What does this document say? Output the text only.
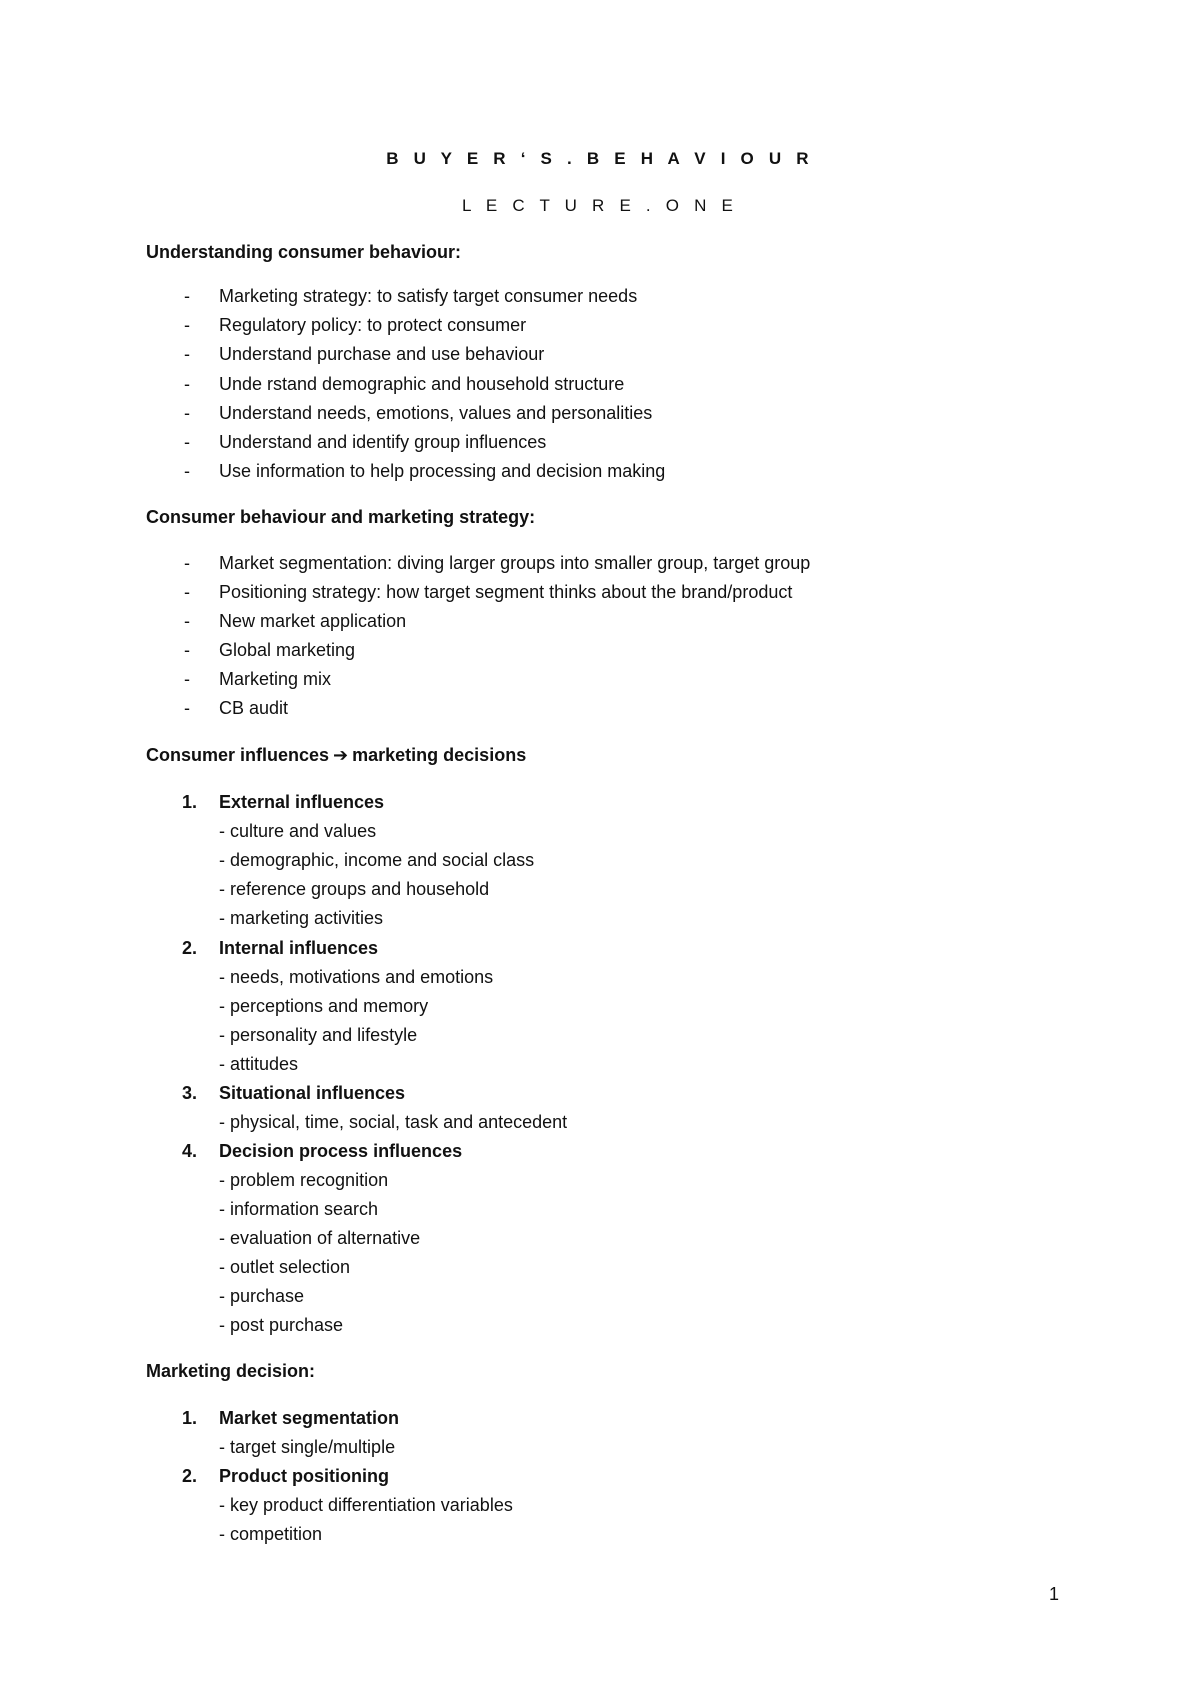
B U Y E R ‘ S . B E H A V I O U R
L E C T U R E . O N E
Understanding consumer behaviour:
- Marketing strategy: to satisfy target consumer needs
- Regulatory policy: to protect consumer
- Understand purchase and use behaviour
- Unde rstand demographic and household structure
- Understand needs, emotions, values and personalities
- Understand and identify group influences
- Use information to help processing and decision making
Consumer behaviour and marketing strategy:
- Market segmentation: diving larger groups into smaller group, target group
- Positioning strategy: how target segment thinks about the brand/product
- New market application
- Global marketing
- Marketing mix
- CB audit
Consumer influences ➔ marketing decisions
1. External influences
- culture and values
- demographic, income and social class
- reference groups and household
- marketing activities
2. Internal influences
- needs, motivations and emotions
- perceptions and memory
- personality and lifestyle
- attitudes
3. Situational influences
- physical, time, social, task and antecedent
4. Decision process influences
- problem recognition
- information search
- evaluation of alternative
- outlet selection
- purchase
- post purchase
Marketing decision:
1. Market segmentation
- target single/multiple
2. Product positioning
- key product differentiation variables
- competition
1
